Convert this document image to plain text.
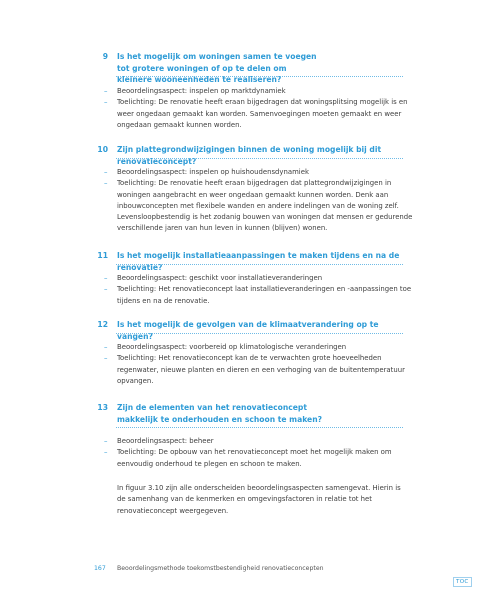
9 Is het mogelijk om woningen samen te voegen tot grotere woningen of op te delen om kleinere wooneenheden te realiseren?
–	Beoordelingsaspect: inspelen op marktdynamiek
–	Toelichting: De renovatie heeft eraan bijgedragen dat woningsplitsing mogelijk is en weer ongedaan gemaakt kan worden. Samenvoegingen moeten gemaakt en weer ongedaan gemaakt kunnen worden.
10 Zijn plattegrondwijzigingen binnen de woning mogelijk bij dit renovatieconcept?
–	Beoordelingsaspect: inspelen op huishoudensdynamiek
–	Toelichting: De renovatie heeft eraan bijgedragen dat plattegrondwijzigingen in woningen aangebracht en weer ongedaan gemaakt kunnen worden. Denk aan inbouwconcepten met flexibele wanden en andere indelingen van de woning zelf. Levensloopbestendig is het zodanig bouwen van woningen dat mensen er gedurende verschillende jaren van hun leven in kunnen (blijven) wonen.
11 Is het mogelijk installatieaanpassingen te maken tijdens en na de renovatie?
–	Beoordelingsaspect: geschikt voor installatieveranderingen
–	Toelichting: Het renovatieconcept laat installatieveranderingen en -aanpassingen toe tijdens en na de renovatie.
12 Is het mogelijk de gevolgen van de klimaatverandering op te vangen?
–	Beoordelingsaspect: voorbereid op klimatologische veranderingen
–	Toelichting: Het renovatieconcept kan de te verwachten grote hoeveelheden regenwater, nieuwe planten en dieren en een verhoging van de buitentemperatuur opvangen.
13 Zijn de elementen van het renovatieconcept makkelijk te onderhouden en schoon te maken?
–	Beoordelingsaspect: beheer
–	Toelichting: De opbouw van het renovatieconcept moet het mogelijk maken om eenvoudig onderhoud te plegen en schoon te maken.
In figuur 3.10 zijn alle onderscheiden beoordelingsaspecten samengevat. Hierin is de samenhang van de kenmerken en omgevingsfactoren in relatie tot het renovatieconcept weergegeven.
167 Beoordelingsmethode toekomstbestendigheid renovatieconcepten
TOC
